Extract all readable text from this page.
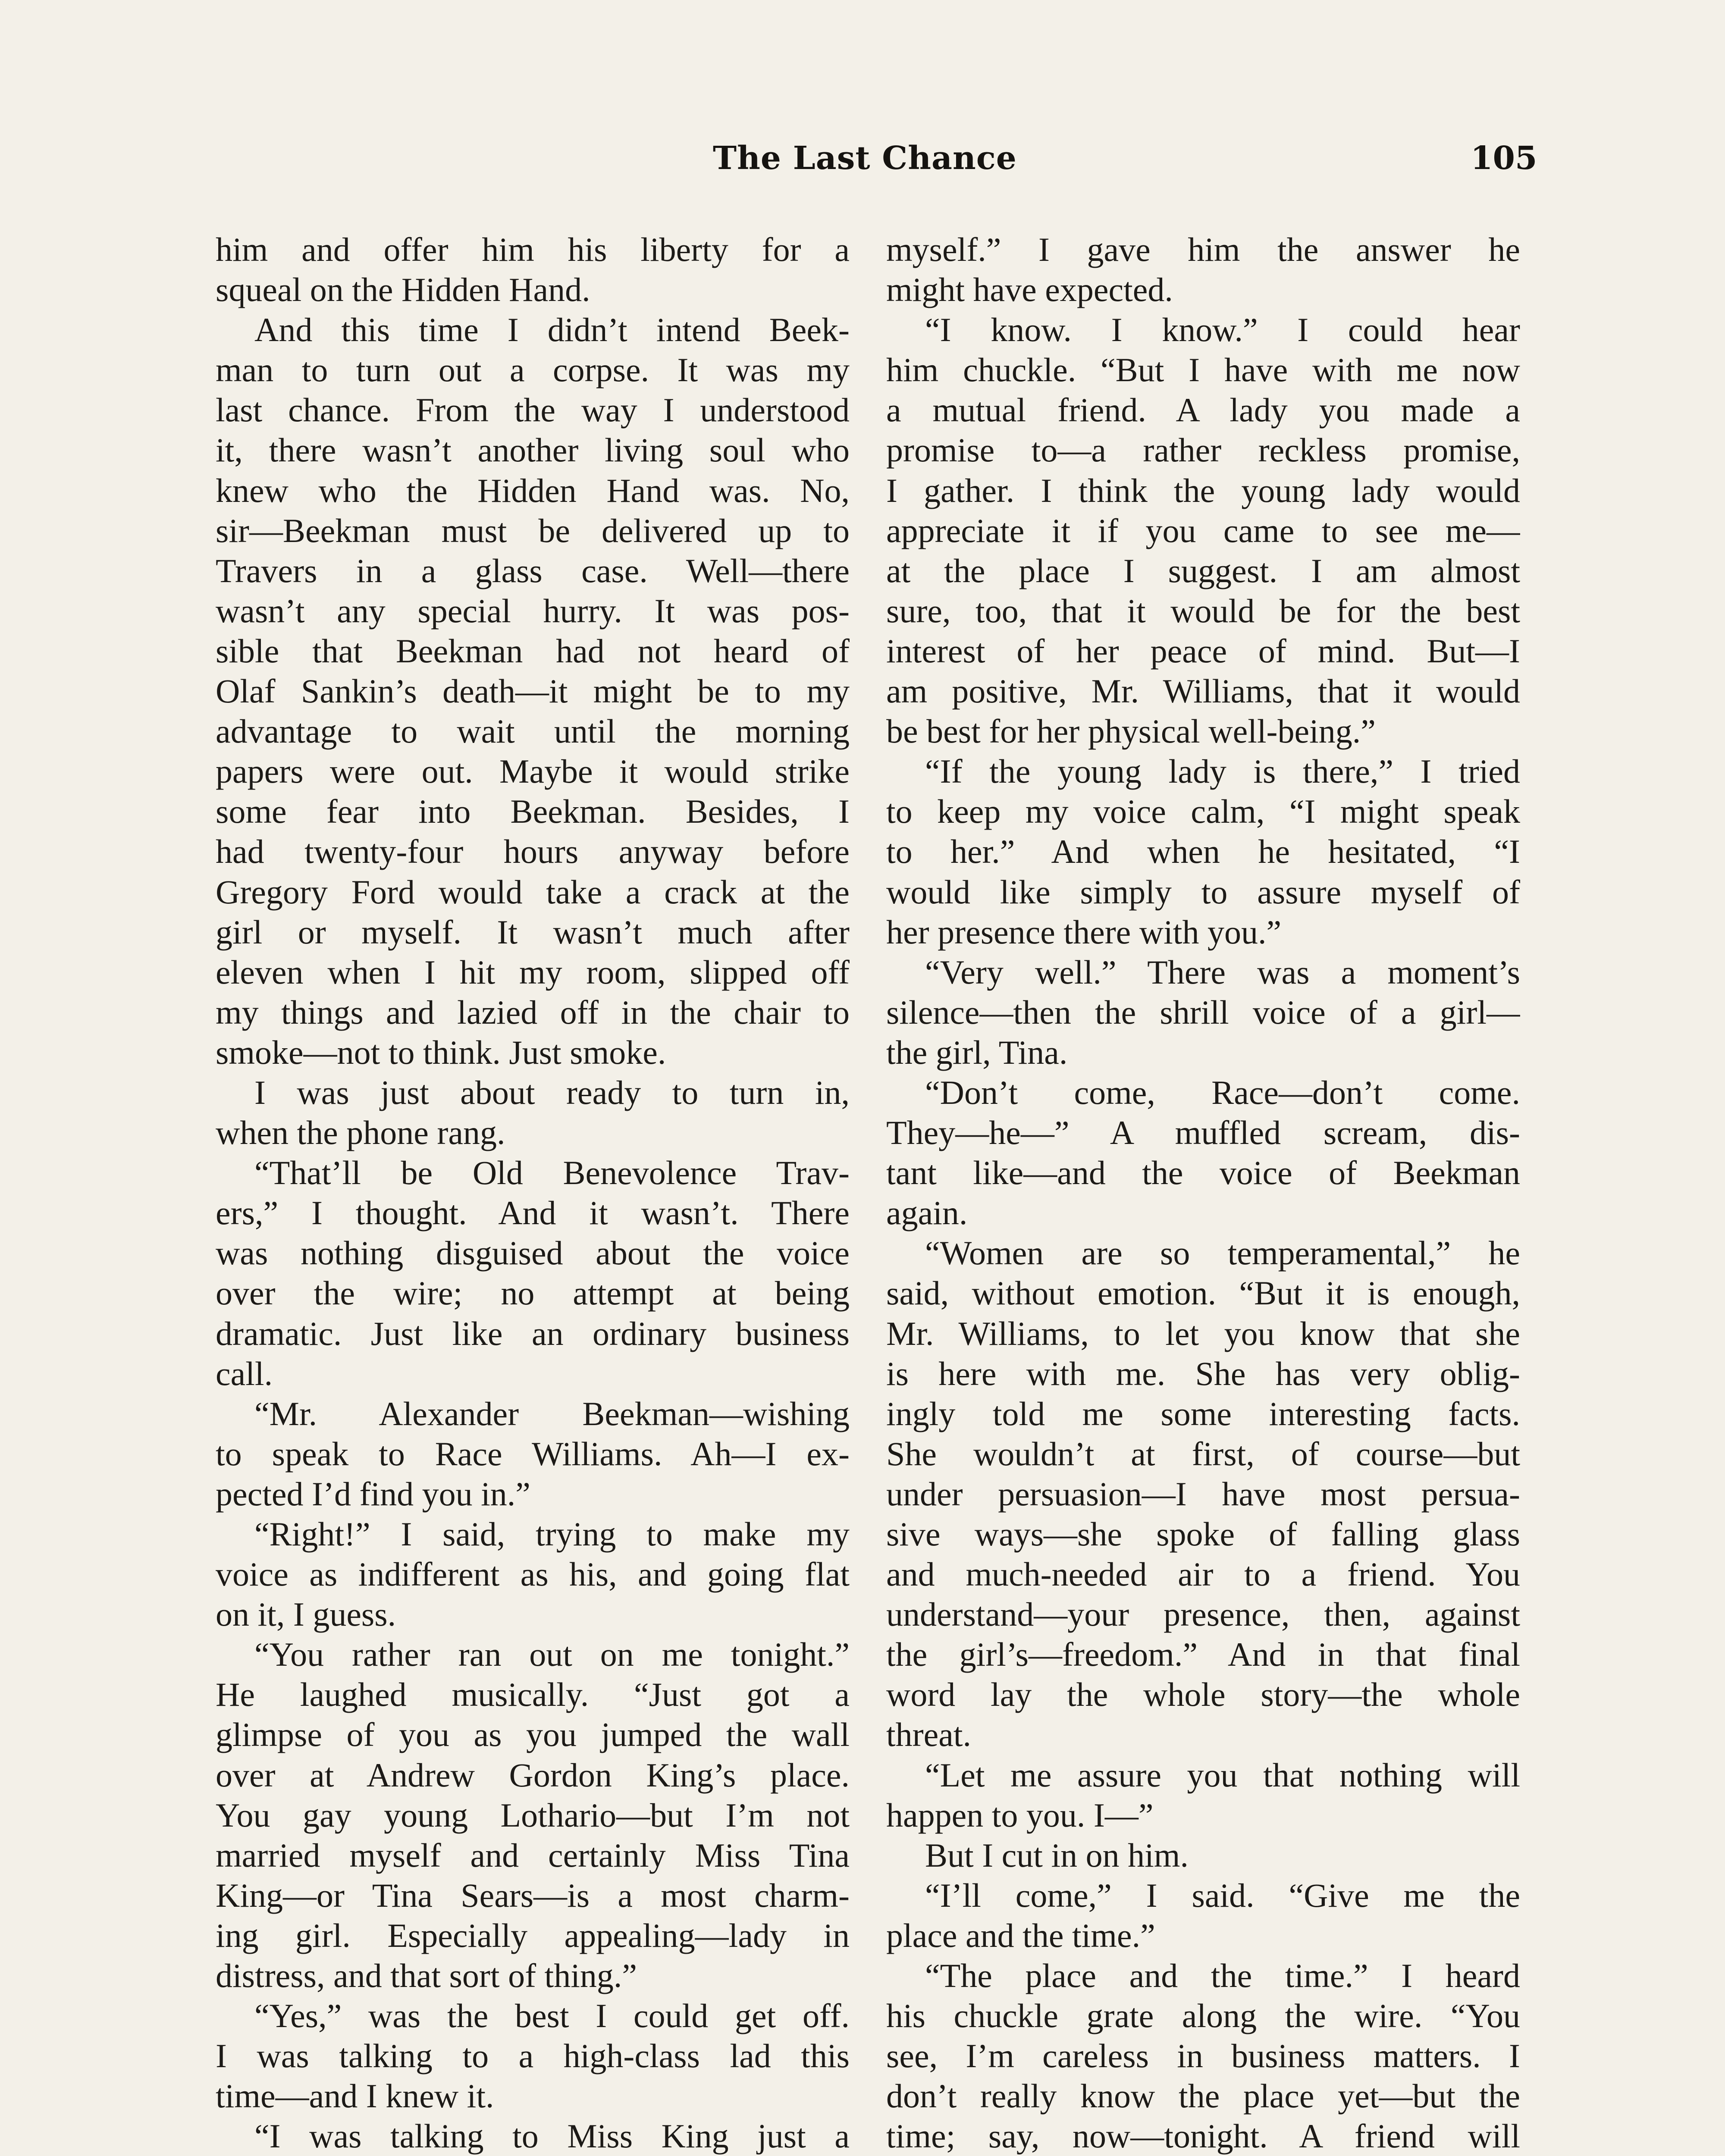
The Last Chance	105
him and offer him his liberty for a
squeal on the Hidden Hand.
And this time I didn’t intend Beek-
man to turn out a corpse. It was my
last chance. From the way I understood
it, there wasn’t another living soul who
knew who the Hidden Hand was. No,
sir—Beekman must be delivered up to
Travers in a glass case. Well—there
wasn’t any special hurry. It was pos-
sible that Beekman had not heard of
Olaf Sankin’s death—it might be to my
advantage to wait until the morning
papers were out. Maybe it would strike
some fear into Beekman. Besides, I
had twenty-four hours anyway before
Gregory Ford would take a crack at the
girl or myself. It wasn’t much after
eleven when I hit my room, slipped off
my things and lazied off in the chair to
smoke—not to think. Just smoke.
I was just about ready to turn in,
when the phone rang.
“That’ll be Old Benevolence Trav-
ers,” I thought. And it wasn’t. There
was nothing disguised about the voice
over the wire; no attempt at being
dramatic. Just like an ordinary business
call.
“Mr. Alexander Beekman—wishing
to speak to Race Williams. Ah—I ex-
pected I’d find you in.”
“Right!” I said, trying to make my
voice as indifferent as his, and going flat
on it, I guess.
“You rather ran out on me tonight.”
He laughed musically. “Just got a
glimpse of you as you jumped the wall
over at Andrew Gordon King’s place.
You gay young Lothario—but I’m not
married myself and certainly Miss Tina
King—or Tina Sears—is a most charm-
ing girl. Especially appealing—lady in
distress, and that sort of thing.”
“Yes,” was the best I could get off.
I was talking to a high-class lad this
time—and I knew it.
“I was talking to Miss King just a
myself.” I gave him the answer he
might have expected.
“I know. I know.” I could hear
him chuckle. “But I have with me now
a mutual friend. A lady you made a
promise to—a rather reckless promise,
I gather. I think the young lady would
appreciate it if you came to see me—
at the place I suggest. I am almost
sure, too, that it would be for the best
interest of her peace of mind. But—I
am positive, Mr. Williams, that it would
be best for her physical well-being.”
“If the young lady is there,” I tried
to keep my voice calm, “I might speak
to her.” And when he hesitated, “I
would like simply to assure myself of
her presence there with you.”
“Very well.” There was a moment’s
silence—then the shrill voice of a girl—
the girl, Tina.
“Don’t come, Race—don’t come.
They—he—” A muffled scream, dis-
tant like—and the voice of Beekman
again.
“Women are so temperamental,” he
said, without emotion. “But it is enough,
Mr. Williams, to let you know that she
is here with me. She has very oblig-
ingly told me some interesting facts.
She wouldn’t at first, of course—but
under persuasion—I have most persua-
sive ways—she spoke of falling glass
and much-needed air to a friend. You
understand—your presence, then, against
the girl’s—freedom.” And in that final
word lay the whole story—the whole
threat.
“Let me assure you that nothing will
happen to you. I—”
But I cut in on him.
“I’ll come,” I said. “Give me the
place and the time.”
“The place and the time.” I heard
his chuckle grate along the wire. “You
see, I’m careless in business matters. I
don’t really know the place yet—but the
time; say, now—tonight. A friend will
